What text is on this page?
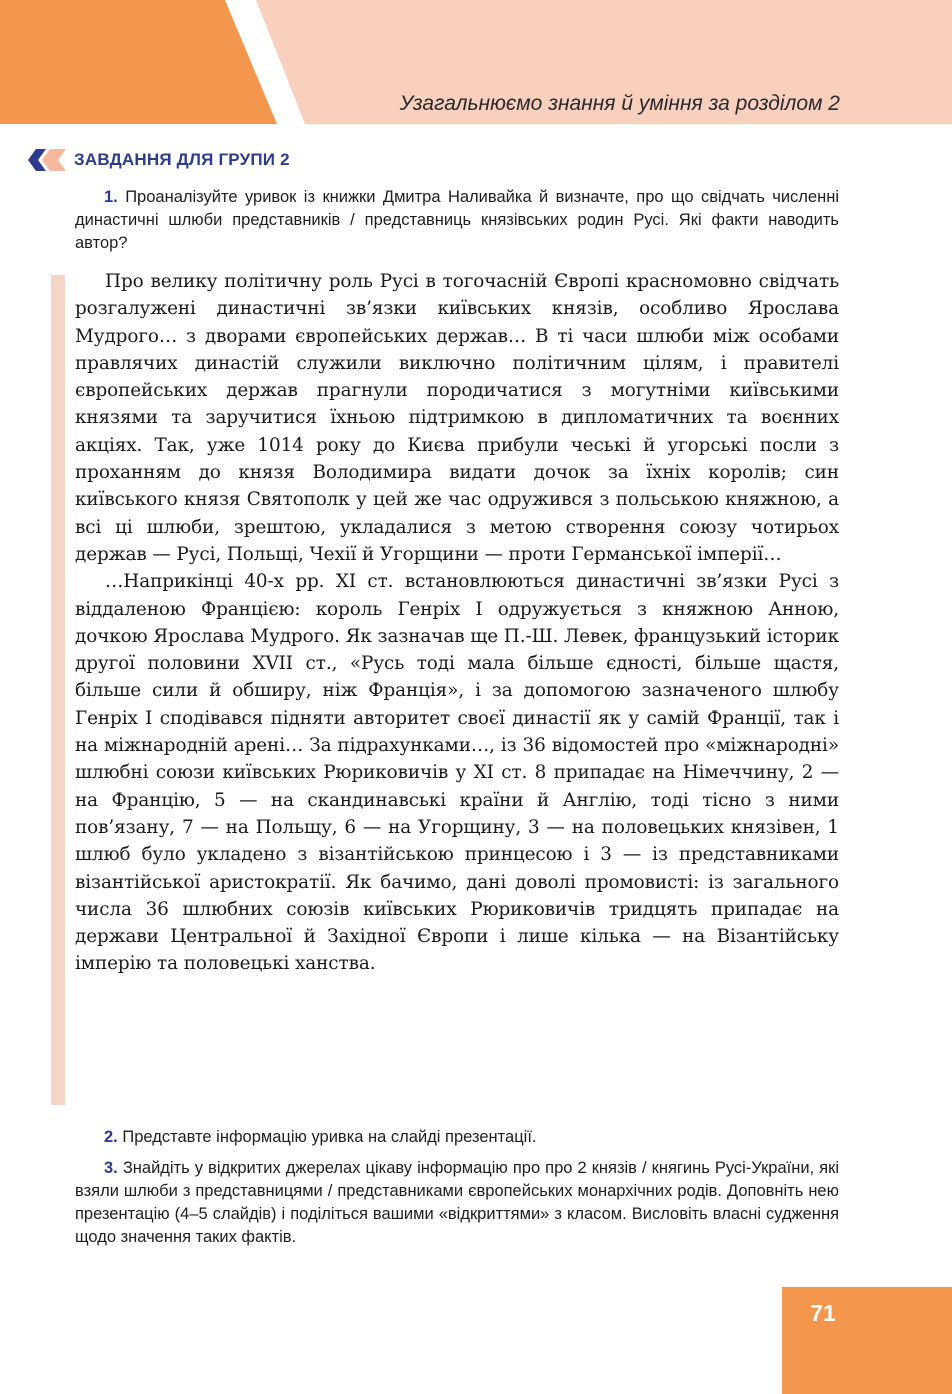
Узагальнюємо знання й уміння за розділом 2
ЗАВДАННЯ ДЛЯ ГРУПИ 2
1. Проаналізуйте уривок із книжки Дмитра Наливайка й визначте, про що свідчать численні династичні шлюби представників / представниць князівських родин Русі. Які факти наводить автор?

Про велику політичну роль Русі в тогочасній Європі красномовно свідчать розгалужені династичні зв’язки київських князів, особливо Ярослава Мудрого… з дворами європейських держав… В ті часи шлюби між особами правлячих династій служили виключно політичним цілям, і правителі європейських держав прагнули породичатися з могутніми київськими князями та заручитися їхньою підтримкою в дипломатичних та воєнних акціях. Так, уже 1014 року до Києва прибули чеські й угорські посли з проханням до князя Володимира видати дочок за їхніх королів; син київського князя Святополк у цей же час одружився з польською княжною, а всі ці шлюби, зрештою, укладалися з метою створення союзу чотирьох держав — Русі, Польщі, Чехії й Угорщини — проти Германської імперії…

…Наприкінці 40-х рр. XI ст. встановлюються династичні зв’язки Русі з віддаленою Францією: король Генріх I одружується з княжною Анною, дочкою Ярослава Мудрого. Як зазначав ще П.-Ш. Левек, французький історик другої половини XVII ст., «Русь тоді мала більше єдності, більше щастя, більше сили й обширу, ніж Франція», і за допомогою зазначеного шлюбу Генріх I сподівався підняти авторитет своєї династії як у самій Франції, так і на міжнародній арені… За підрахунками…, із 36 відомостей про «міжнародні» шлюбні союзи київських Рюриковичів у XI ст. 8 припадає на Німеччину, 2 — на Францію, 5 — на скандинавські країни й Англію, тоді тісно з ними пов’язану, 7 — на Польщу, 6 — на Угорщину, 3 — на половецьких князівен, 1 шлюб було укладено з візантійською принцесою і 3 — із представниками візантійської аристократії. Як бачимо, дані доволі промовисті: із загального числа 36 шлюбних союзів київських Рюриковичів тридцять припадає на держави Центральної й Західної Європи і лише кілька — на Візантійську імперію та половецькі ханства.

2. Представте інформацію уривка на слайді презентації.
3. Знайдіть у відкритих джерелах цікаву інформацію про про 2 князів / княгинь Русі-України, які взяли шлюби з представницями / представниками європейських монархічних родів. Доповніть нею презентацію (4–5 слайдів) і поділіться вашими «відкриттями» з класом. Висловіть власні судження щодо значення таких фактів.
71
